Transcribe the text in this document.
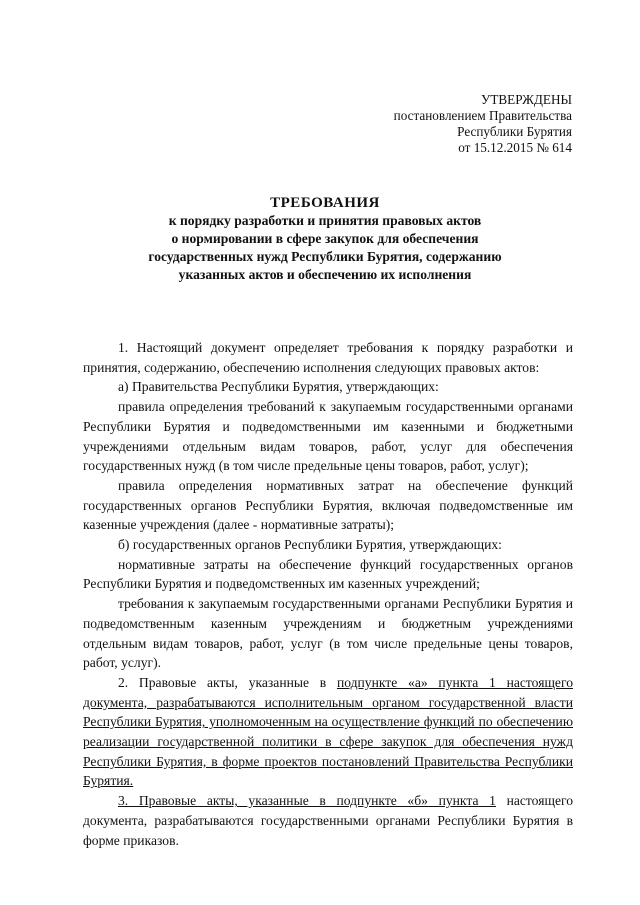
УТВЕРЖДЕНЫ
постановлением Правительства
Республики Бурятия
от 15.12.2015 № 614
ТРЕБОВАНИЯ
к порядку разработки и принятия правовых актов
о нормировании в сфере закупок для обеспечения
государственных нужд Республики Бурятия, содержанию
указанных актов и обеспечению их исполнения

1. Настоящий документ определяет требования к порядку разработки и принятия, содержанию, обеспечению исполнения следующих правовых актов:

а) Правительства Республики Бурятия, утверждающих:

правила определения требований к закупаемым государственными органами Республики Бурятия и подведомственными им казенными и бюджетными учреждениями отдельным видам товаров, работ, услуг для обеспечения государственных нужд (в том числе предельные цены товаров, работ, услуг);

правила определения нормативных затрат на обеспечение функций государственных органов Республики Бурятия, включая подведомственные им казенные учреждения (далее - нормативные затраты);

б) государственных органов Республики Бурятия, утверждающих:

нормативные затраты на обеспечение функций государственных органов Республики Бурятия и подведомственных им казенных учреждений;

требования к закупаемым государственными органами Республики Бурятия и подведомственным казенным учреждениям и бюджетным учреждениями отдельным видам товаров, работ, услуг (в том числе предельные цены товаров, работ, услуг).

2. Правовые акты, указанные в подпункте «а» пункта 1 настоящего документа, разрабатываются исполнительным органом государственной власти Республики Бурятия, уполномоченным на осуществление функций по обеспечению реализации государственной политики в сфере закупок для обеспечения нужд Республики Бурятия, в форме проектов постановлений Правительства Республики Бурятия.

3. Правовые акты, указанные в подпункте «б» пункта 1 настоящего документа, разрабатываются государственными органами Республики Бурятия в форме приказов.
